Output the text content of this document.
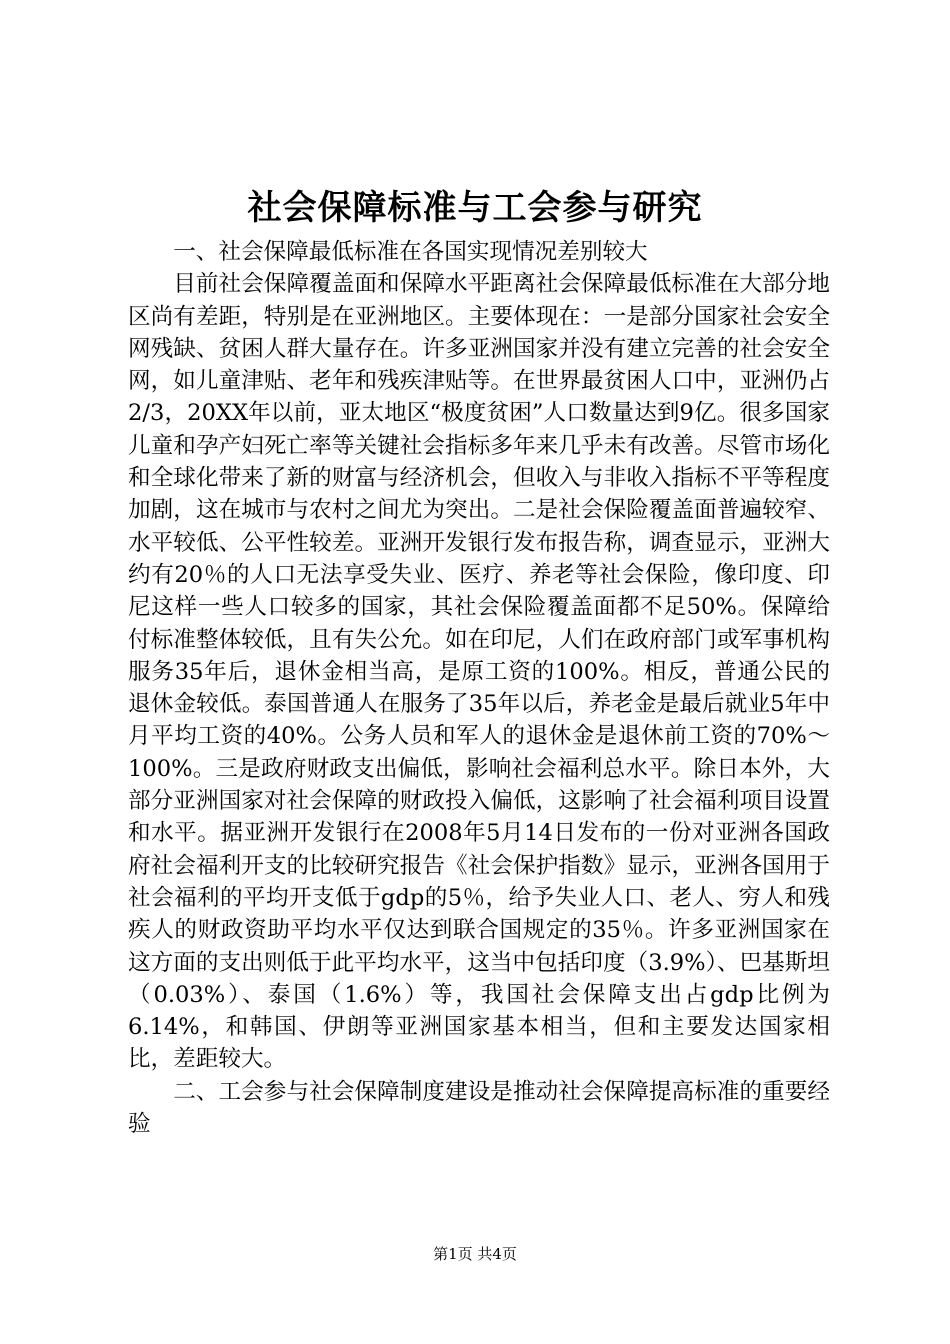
社会保障标准与工会参与研究

一、社会保障最低标准在各国实现情况差别较大

目前社会保障覆盖面和保障水平距离社会保障最低标准在大部分地区尚有差距，特别是在亚洲地区。主要体现在：一是部分国家社会安全网残缺、贫困人群大量存在。许多亚洲国家并没有建立完善的社会安全网，如儿童津贴、老年和残疾津贴等。在世界最贫困人口中，亚洲仍占2/3，20XX年以前，亚太地区“极度贫困”人口数量达到9亿。很多国家儿童和孕产妇死亡率等关键社会指标多年来几乎未有改善。尽管市场化和全球化带来了新的财富与经济机会，但收入与非收入指标不平等程度加剧，这在城市与农村之间尤为突出。二是社会保险覆盖面普遍较窄、水平较低、公平性较差。亚洲开发银行发布报告称，调查显示，亚洲大约有20％的人口无法享受失业、医疗、养老等社会保险，像印度、印尼这样一些人口较多的国家，其社会保险覆盖面都不足50%。保障给付标准整体较低，且有失公允。如在印尼，人们在政府部门或军事机构服务35年后，退休金相当高，是原工资的100%。相反，普通公民的退休金较低。泰国普通人在服务了35年以后，养老金是最后就业5年中月平均工资的40%。公务人员和军人的退休金是退休前工资的70%～100%。三是政府财政支出偏低，影响社会福利总水平。除日本外，大部分亚洲国家对社会保障的财政投入偏低，这影响了社会福利项目设置和水平。据亚洲开发银行在2008年5月14日发布的一份对亚洲各国政府社会福利开支的比较研究报告《社会保护指数》显示，亚洲各国用于社会福利的平均开支低于gdp的5％，给予失业人口、老人、穷人和残疾人的财政资助平均水平仅达到联合国规定的35％。许多亚洲国家在这方面的支出则低于此平均水平，这当中包括印度（3.9%）、巴基斯坦（0.03%）、泰国（1.6%）等，我国社会保障支出占gdp比例为6.14%，和韩国、伊朗等亚洲国家基本相当，但和主要发达国家相比，差距较大。

二、工会参与社会保障制度建设是推动社会保障提高标准的重要经验

第1页 共4页
